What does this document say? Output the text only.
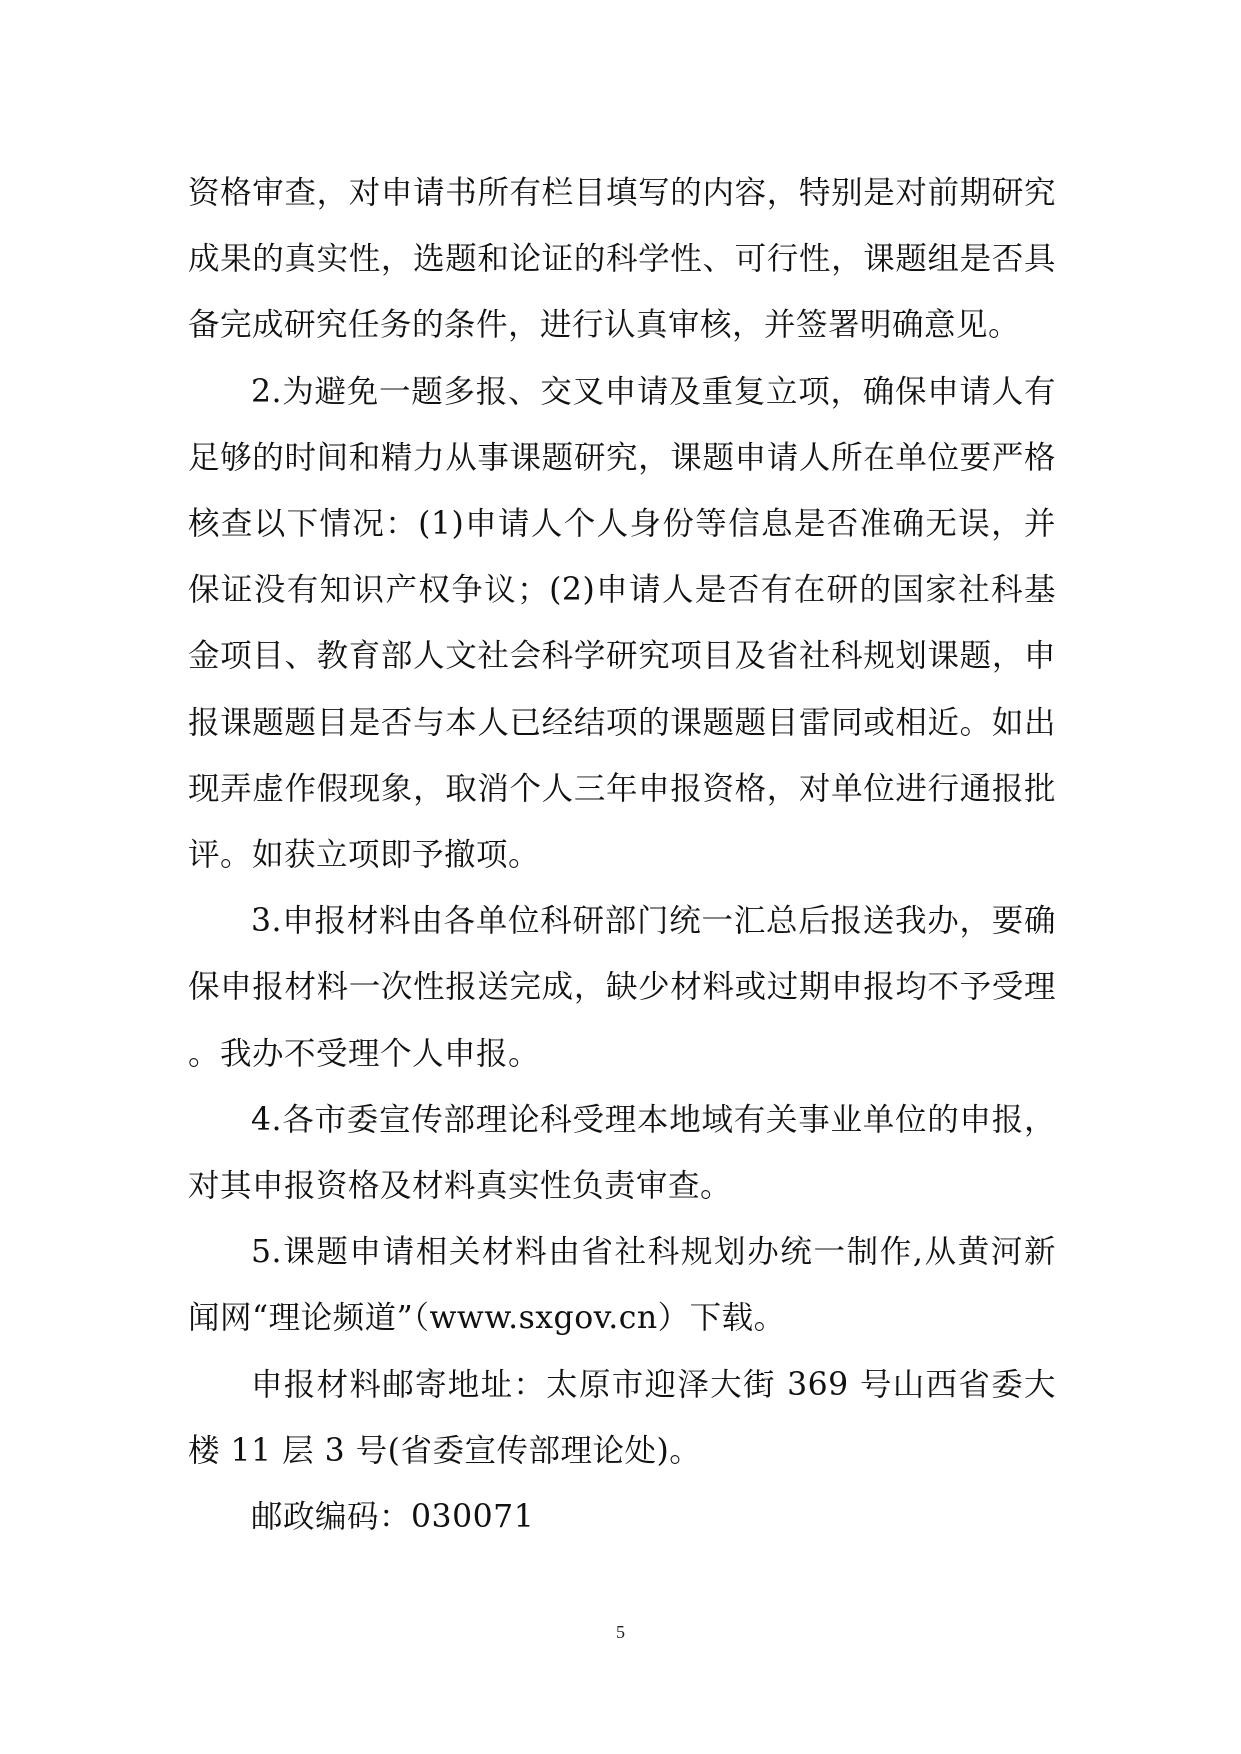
资格审查，对申请书所有栏目填写的内容，特别是对前期研究成果的真实性，选题和论证的科学性、可行性，课题组是否具备完成研究任务的条件，进行认真审核，并签署明确意见。

2.为避免一题多报、交叉申请及重复立项，确保申请人有足够的时间和精力从事课题研究，课题申请人所在单位要严格核查以下情况：(1)申请人个人身份等信息是否准确无误，并保证没有知识产权争议；(2)申请人是否有在研的国家社科基金项目、教育部人文社会科学研究项目及省社科规划课题，申报课题题目是否与本人已经结项的课题题目雷同或相近。如出现弄虚作假现象，取消个人三年申报资格，对单位进行通报批评。如获立项即予撤项。

3.申报材料由各单位科研部门统一汇总后报送我办，要确保申报材料一次性报送完成，缺少材料或过期申报均不予受理。我办不受理个人申报。

4.各市委宣传部理论科受理本地域有关事业单位的申报，对其申报资格及材料真实性负责审查。

5.课题申请相关材料由省社科规划办统一制作,从黄河新闻网“理论频道”（www.sxgov.cn）下载。

申报材料邮寄地址：太原市迎泽大街 369 号山西省委大楼 11 层 3 号(省委宣传部理论处)。

邮政编码：030071

5
